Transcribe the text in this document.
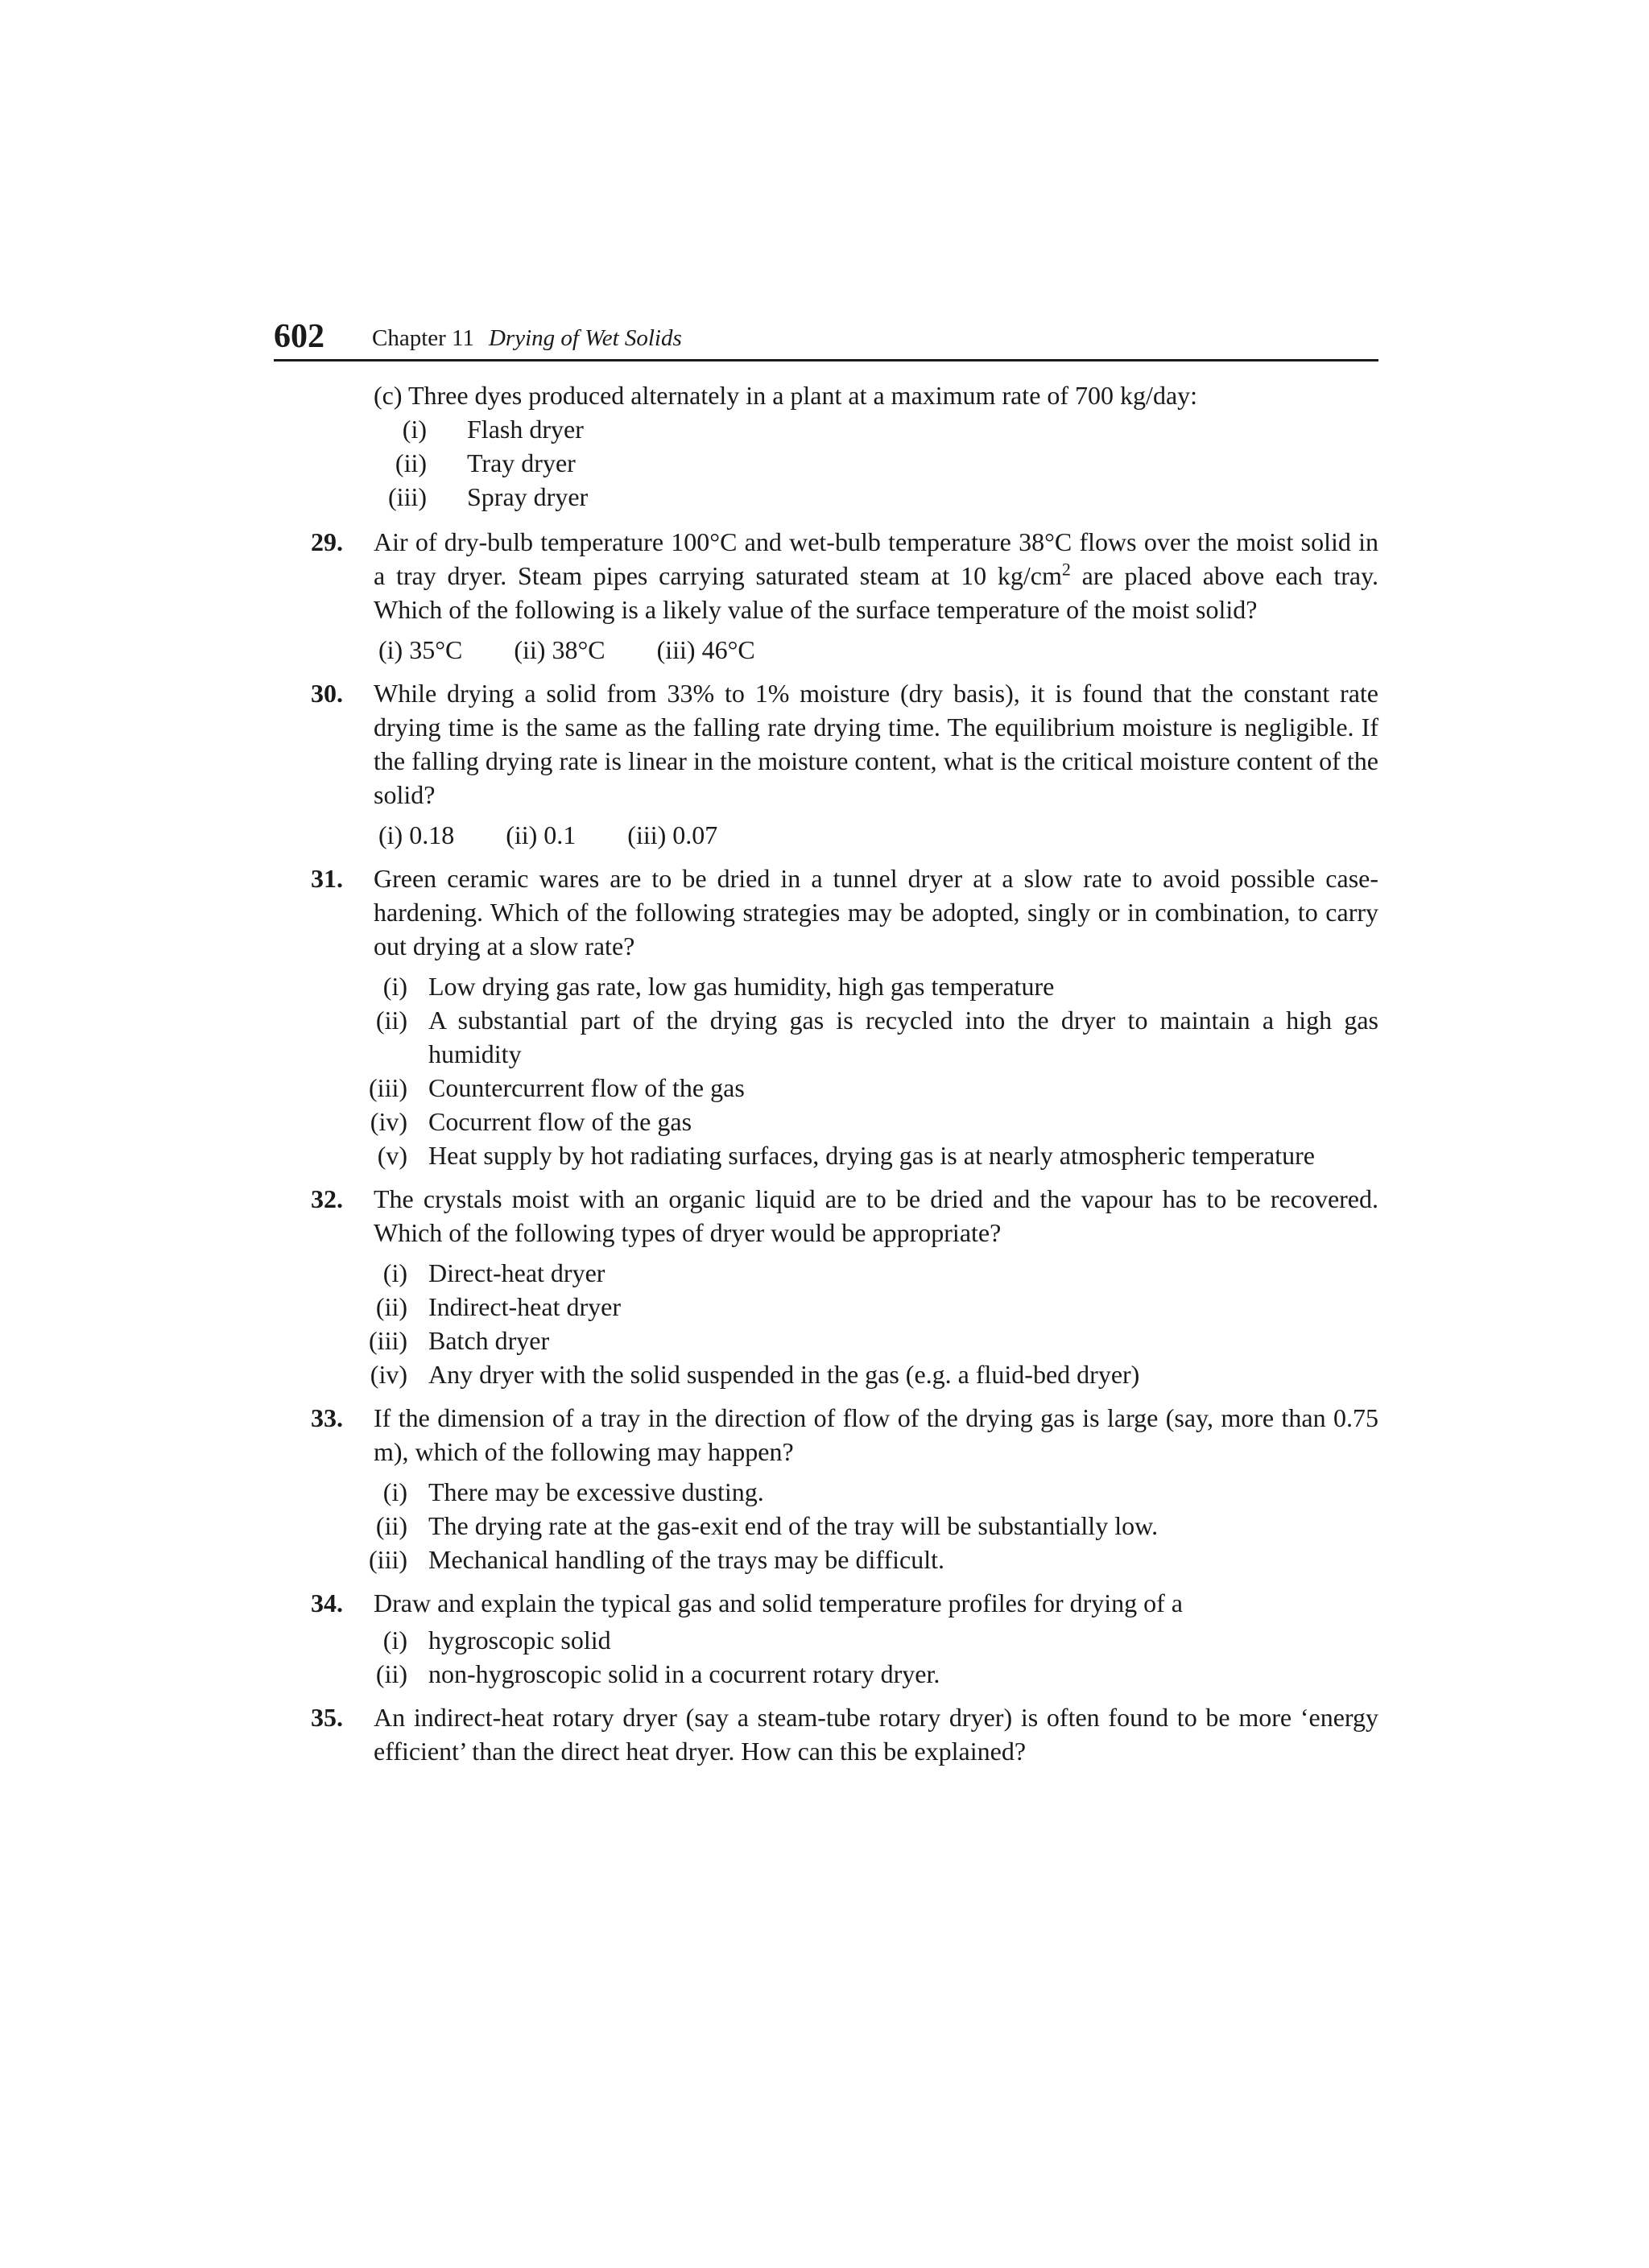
602 Chapter 11 Drying of Wet Solids
(c) Three dyes produced alternately in a plant at a maximum rate of 700 kg/day:
(i) Flash dryer
(ii) Tray dryer
(iii) Spray dryer
29. Air of dry-bulb temperature 100°C and wet-bulb temperature 38°C flows over the moist solid in a tray dryer. Steam pipes carrying saturated steam at 10 $kg/cm^2$ are placed above each tray. Which of the following is a likely value of the surface temperature of the moist solid?
(i) 35°C (ii) 38°C (iii) 46°C
30. While drying a solid from 33% to 1% moisture (dry basis), it is found that the constant rate drying time is the same as the falling rate drying time. The equilibrium moisture is negligible. If the falling drying rate is linear in the moisture content, what is the critical moisture content of the solid?
(i) 0.18 (ii) 0.1 (iii) 0.07
31. Green ceramic wares are to be dried in a tunnel dryer at a slow rate to avoid possible case-hardening. Which of the following strategies may be adopted, singly or in combination, to carry out drying at a slow rate?
(i) Low drying gas rate, low gas humidity, high gas temperature
(ii) A substantial part of the drying gas is recycled into the dryer to maintain a high gas humidity
(iii) Countercurrent flow of the gas
(iv) Cocurrent flow of the gas
(v) Heat supply by hot radiating surfaces, drying gas is at nearly atmospheric temperature
32. The crystals moist with an organic liquid are to be dried and the vapour has to be recovered. Which of the following types of dryer would be appropriate?
(i) Direct-heat dryer
(ii) Indirect-heat dryer
(iii) Batch dryer
(iv) Any dryer with the solid suspended in the gas (e.g. a fluid-bed dryer)
33. If the dimension of a tray in the direction of flow of the drying gas is large (say, more than 0.75 m), which of the following may happen?
(i) There may be excessive dusting.
(ii) The drying rate at the gas-exit end of the tray will be substantially low.
(iii) Mechanical handling of the trays may be difficult.
34. Draw and explain the typical gas and solid temperature profiles for drying of a
(i) hygroscopic solid
(ii) non-hygroscopic solid in a cocurrent rotary dryer.
35. An indirect-heat rotary dryer (say a steam-tube rotary dryer) is often found to be more ‘energy efficient’ than the direct heat dryer. How can this be explained?
